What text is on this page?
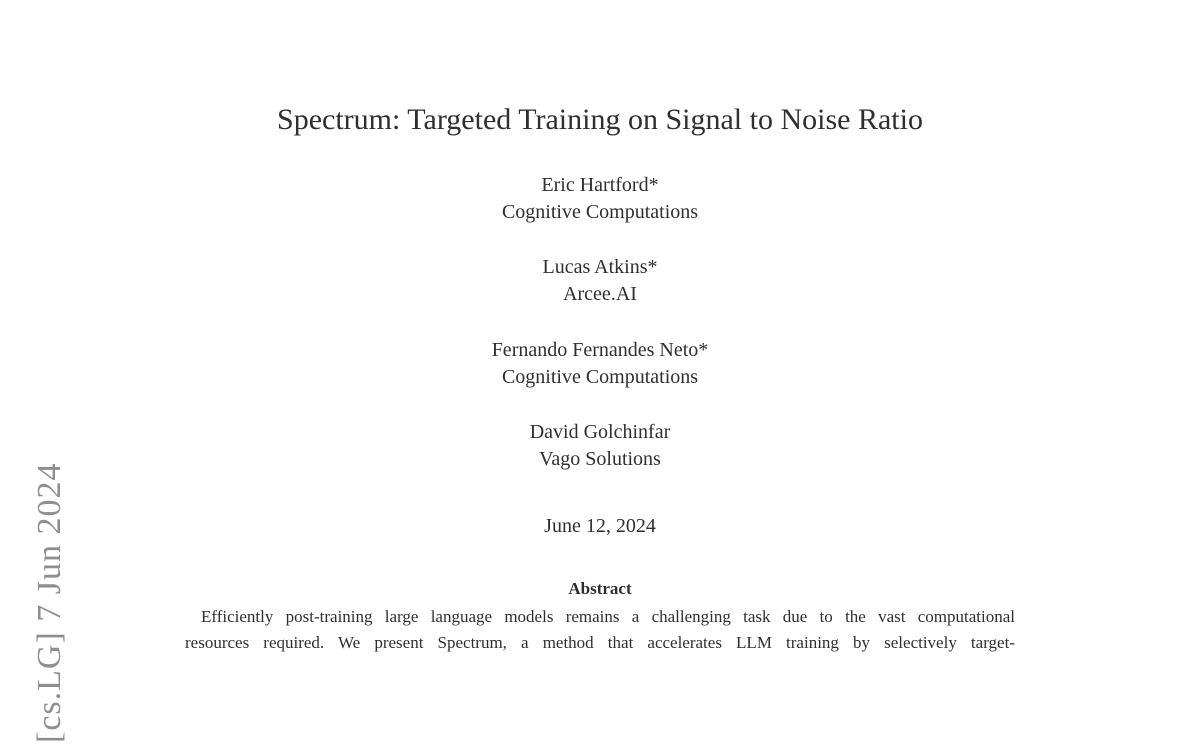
[cs.LG] 7 Jun 2024
Spectrum: Targeted Training on Signal to Noise Ratio
Eric Hartford*
Cognitive Computations
Lucas Atkins*
Arcee.AI
Fernando Fernandes Neto*
Cognitive Computations
David Golchinfar
Vago Solutions
June 12, 2024
Abstract
Efficiently post-training large language models remains a challenging task due to the vast computational
resources required. We present Spectrum, a method that accelerates LLM training by selectively target-
